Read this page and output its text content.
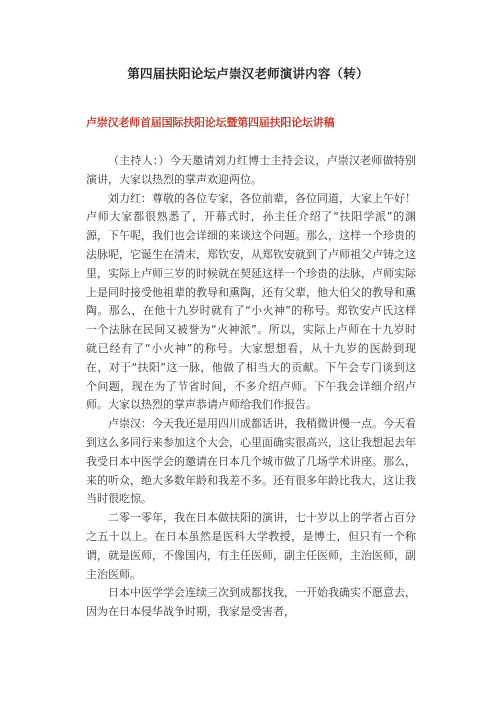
第四届扶阳论坛卢崇汉老师演讲内容（转）
卢崇汉老师首届国际扶阳论坛暨第四届扶阳论坛讲稿

（主持人：）今天邀请刘力红博士主持会议，卢崇汉老师做特别演讲，大家以热烈的掌声欢迎两位。

刘力红：尊敬的各位专家，各位前辈，各位同道，大家上午好！卢师大家都很熟悉了，开幕式时，孙主任介绍了“扶阳学派”的渊源，下午呢，我们也会详细的来谈这个问题。那么，这样一个珍贵的法脉呢，它诞生在清末，郑钦安，从郑钦安就到了卢师祖父卢铸之这里，实际上卢师三岁的时候就在契延这样一个珍贵的法脉，卢师实际上是同时接受他祖辈的教导和熏陶，还有父辈，他大伯父的教导和熏陶。那么，在他十九岁时就有了“小火神”的称号。郑钦安卢氏这样一个法脉在民间又被誉为“火神派”。所以，实际上卢师在十九岁时就已经有了“小火神”的称号。大家想想看，从十九岁的医龄到现在，对于“扶阳”这一脉，他做了相当大的贡献。下午会专门谈到这个问题，现在为了节省时间，不多介绍卢师。下午我会详细介绍卢师。大家以热烈的掌声恭请卢师给我们作报告。

卢崇汉：今天我还是用四川成都话讲，我稍微讲慢一点。今天看到这么多同行来参加这个大会，心里面确实很高兴，这让我想起去年我受日本中医学会的邀请在日本几个城市做了几场学术讲座。那么，来的听众，绝大多数年龄和我差不多。还有很多年龄比我大，这让我当时很吃惊。

二零一零年，我在日本做扶阳的演讲，七十岁以上的学者占百分之五十以上。在日本虽然是医科大学教授，是博士，但只有一个称谓，就是医师，不像国内，有主任医师，副主任医师，主治医师，副主治医师。

日本中医学学会连续三次到成都找我，一开始我确实不愿意去，因为在日本侵华战争时期，我家是受害者，
